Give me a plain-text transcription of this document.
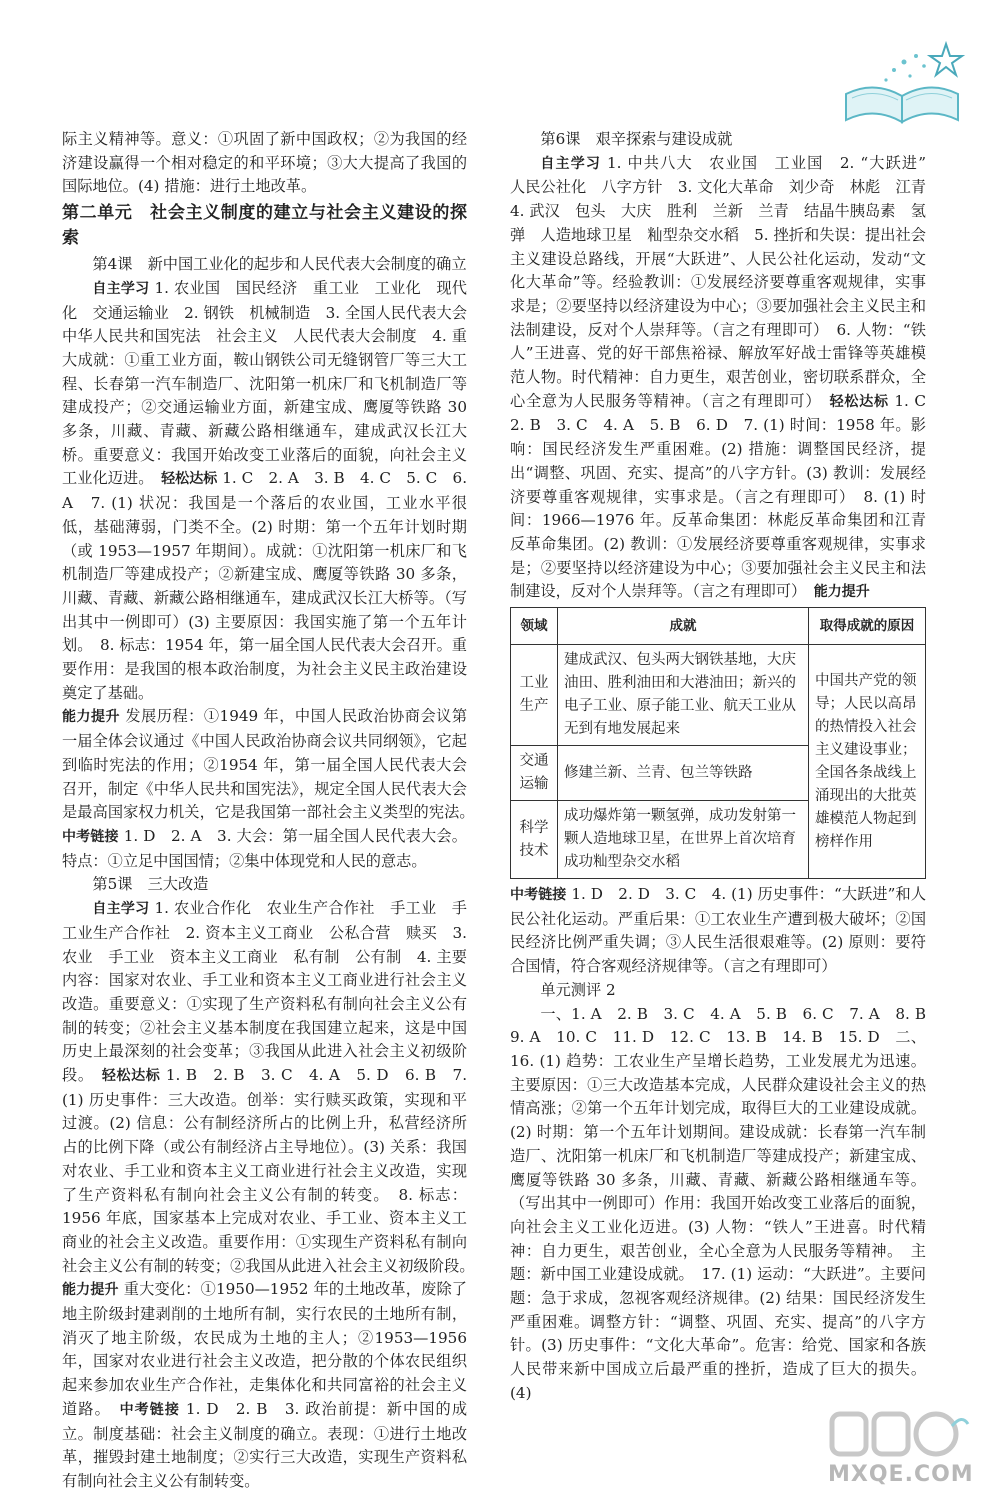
际主义精神等。意义：①巩固了新中国政权；②为我国的经济建设赢得一个相对稳定的和平环境；③大大提高了我国的国际地位。(4) 措施：进行土地改革。

第二单元　社会主义制度的建立与社会主义建设的探索

第4课　新中国工业化的起步和人民代表大会制度的确立

自主学习 1. 农业国　国民经济　重工业　工业化　现代化　交通运输业　2. 钢铁　机械制造　3. 全国人民代表大会　中华人民共和国宪法　社会主义　人民代表大会制度　4. 重大成就：①重工业方面，鞍山钢铁公司无缝钢管厂等三大工程、长春第一汽车制造厂、沈阳第一机床厂和飞机制造厂等建成投产；②交通运输业方面，新建宝成、鹰厦等铁路 30 多条，川藏、青藏、新藏公路相继通车，建成武汉长江大桥。重要意义：我国开始改变工业落后的面貌，向社会主义工业化迈进。　 轻松达标 1. C　2. A　3. B　4. C　5. C　6. A　7. (1) 状况：我国是一个落后的农业国，工业水平很低，基础薄弱，门类不全。(2) 时期：第一个五年计划时期（或 1953—1957 年期间）。成就：①沈阳第一机床厂和飞机制造厂等建成投产；②新建宝成、鹰厦等铁路 30 多条，川藏、青藏、新藏公路相继通车，建成武汉长江大桥等。（写出其中一例即可）(3) 主要原因：我国实施了第一个五年计划。　8. 标志：1954 年，第一届全国人民代表大会召开。重要作用：是我国的根本政治制度，为社会主义民主政治建设奠定了基础。

能力提升 发展历程：①1949 年，中国人民政治协商会议第一届全体会议通过《中国人民政治协商会议共同纲领》，它起到临时宪法的作用；②1954 年，第一届全国人民代表大会召开，制定《中华人民共和国宪法》，规定全国人民代表大会是最高国家权力机关，它是我国第一部社会主义类型的宪法。　中考链接 1. D　2. A　3. 大会：第一届全国人民代表大会。特点：①立足中国国情；②集中体现党和人民的意志。

第5课　三大改造

自主学习 1. 农业合作化　农业生产合作社　手工业　手工业生产合作社　2. 资本主义工商业　公私合营　赎买　3. 农业　手工业　资本主义工商业　私有制　公有制　4. 主要内容：国家对农业、手工业和资本主义工商业进行社会主义改造。重要意义：①实现了生产资料私有制向社会主义公有制的转变；②社会主义基本制度在我国建立起来，这是中国历史上最深刻的社会变革；③我国从此进入社会主义初级阶段。　 轻松达标 1. B　2. B　3. C　4. A　5. D　6. B　7. (1) 历史事件：三大改造。创举：实行赎买政策，实现和平过渡。(2) 信息：公有制经济所占的比例上升，私营经济所占的比例下降（或公有制经济占主导地位）。(3) 关系：我国对农业、手工业和资本主义工商业进行社会主义改造，实现了生产资料私有制向社会主义公有制的转变。　8. 标志：1956 年底，国家基本上完成对农业、手工业、资本主义工商业的社会主义改造。重要作用：①实现生产资料私有制向社会主义公有制的转变；②我国从此进入社会主义初级阶段。　能力提升 重大变化：①1950—1952 年的土地改革，废除了地主阶级封建剥削的土地所有制，实行农民的土地所有制，消灭了地主阶级，农民成为土地的主人；②1953—1956 年，国家对农业进行社会主义改造，把分散的个体农民组织起来参加农业生产合作社，走集体化和共同富裕的社会主义道路。　 中考链接 1. D　2. B　3. 政治前提：新中国的成立。制度基础：社会主义制度的确立。表现：①进行土地改革，摧毁封建土地制度；②实行三大改造，实现生产资料私有制向社会主义公有制转变。

第6课　艰辛探索与建设成就

自主学习 1. 中共八大　农业国　工业国　2. “大跃进”　人民公社化　八字方针　3. 文化大革命　刘少奇　林彪　江青　4. 武汉　包头　大庆　胜利　兰新　兰青　结晶牛胰岛素　氢弹　人造地球卫星　籼型杂交水稻　5. 挫折和失误：提出社会主义建设总路线，开展“大跃进”、人民公社化运动，发动“文化大革命”等。经验教训：①发展经济要尊重客观规律，实事求是；②要坚持以经济建设为中心；③要加强社会主义民主和法制建设，反对个人崇拜等。（言之有理即可）　6. 人物：“铁人”王进喜、党的好干部焦裕禄、解放军好战士雷锋等英雄模范人物。时代精神：自力更生，艰苦创业，密切联系群众，全心全意为人民服务等精神。（言之有理即可）　 轻松达标 1. C　2. B　3. C　4. A　5. B　6. D　7. (1) 时间：1958 年。影响：国民经济发生严重困难。(2) 措施：调整国民经济，提出“调整、巩固、充实、提高”的八字方针。(3) 教训：发展经济要尊重客观规律，实事求是。（言之有理即可）　8. (1) 时间：1966—1976 年。反革命集团：林彪反革命集团和江青反革命集团。(2) 教训：①发展经济要尊重客观规律，实事求是；②要坚持以经济建设为中心；③要加强社会主义民主和法制建设，反对个人崇拜等。（言之有理即可）　 能力提升

领域	成就	取得成就的原因
工业生产	建成武汉、包头两大钢铁基地，大庆油田、胜利油田和大港油田；新兴的电子工业、原子能工业、航天工业从无到有地发展起来	中国共产党的领导；人民以高昂的热情投入社会主义建设事业；全国各条战线上涌现出的大批英雄模范人物起到榜样作用
交通运输	修建兰新、兰青、包兰等铁路	
科学技术	成功爆炸第一颗氢弹，成功发射第一颗人造地球卫星，在世界上首次培育成功籼型杂交水稻	

中考链接 1. D　2. D　3. C　4. (1) 历史事件：“大跃进”和人民公社化运动。严重后果：①工农业生产遭到极大破坏；②国民经济比例严重失调；③人民生活很艰难等。(2) 原则：要符合国情，符合客观经济规律等。（言之有理即可）

单元测评 2

一、1. A　2. B　3. C　4. A　5. B　6. C　7. A　8. B　9. A　10. C　11. D　12. C　13. B　14. B　15. D　二、16. (1) 趋势：工农业生产呈增长趋势，工业发展尤为迅速。主要原因：①三大改造基本完成，人民群众建设社会主义的热情高涨；②第一个五年计划完成，取得巨大的工业建设成就。(2) 时期：第一个五年计划期间。建设成就：长春第一汽车制造厂、沈阳第一机床厂和飞机制造厂等建成投产；新建宝成、鹰厦等铁路 30 多条，川藏、青藏、新藏公路相继通车等。（写出其中一例即可）作用：我国开始改变工业落后的面貌，向社会主义工业化迈进。(3) 人物：“铁人”王进喜。时代精神：自力更生，艰苦创业，全心全意为人民服务等精神。　主题：新中国工业建设成就。　17. (1) 运动：“大跃进”。主要问题：急于求成，忽视客观经济规律。(2) 结果：国民经济发生严重困难。调整方针：“调整、巩固、充实、提高”的八字方针。(3) 历史事件：“文化大革命”。危害：给党、国家和各族人民带来新中国成立后最严重的挫折，造成了巨大的损失。(4)

MXQE.COM
